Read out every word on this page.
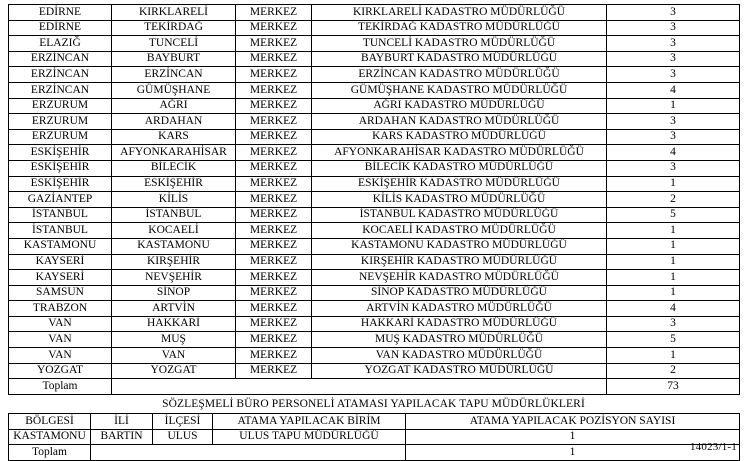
EDİRNE	KIRKLARELİ	MERKEZ	KIRKLARELİ KADASTRO MÜDÜRLÜĞÜ	3
EDİRNE	TEKİRDAĞ	MERKEZ	TEKİRDAĞ KADASTRO MÜDÜRLÜĞÜ	3
ELAZIĞ	TUNCELİ	MERKEZ	TUNCELİ KADASTRO MÜDÜRLÜĞÜ	3
ERZİNCAN	BAYBURT	MERKEZ	BAYBURT KADASTRO MÜDÜRLÜĞÜ	3
ERZİNCAN	ERZİNCAN	MERKEZ	ERZİNCAN KADASTRO MÜDÜRLÜĞÜ	3
ERZİNCAN	GÜMÜŞHANE	MERKEZ	GÜMÜŞHANE KADASTRO MÜDÜRLÜĞÜ	4
ERZURUM	AĞRI	MERKEZ	AĞRI KADASTRO MÜDÜRLÜĞÜ	1
ERZURUM	ARDAHAN	MERKEZ	ARDAHAN KADASTRO MÜDÜRLÜĞÜ	3
ERZURUM	KARS	MERKEZ	KARS KADASTRO MÜDÜRLÜĞÜ	3
ESKİŞEHİR	AFYONKARAHİSAR	MERKEZ	AFYONKARAHİSAR KADASTRO MÜDÜRLÜĞÜ	4
ESKİŞEHİR	BİLECİK	MERKEZ	BİLECİK KADASTRO MÜDÜRLÜĞÜ	3
ESKİŞEHİR	ESKİŞEHİR	MERKEZ	ESKİŞEHİR KADASTRO MÜDÜRLÜĞÜ	1
GAZİANTEP	KİLİS	MERKEZ	KİLİS KADASTRO MÜDÜRLÜĞÜ	2
İSTANBUL	İSTANBUL	MERKEZ	İSTANBUL KADASTRO MÜDÜRLÜĞÜ	5
İSTANBUL	KOCAELİ	MERKEZ	KOCAELİ KADASTRO MÜDÜRLÜĞÜ	1
KASTAMONU	KASTAMONU	MERKEZ	KASTAMONU KADASTRO MÜDÜRLÜĞÜ	1
KAYSERİ	KIRŞEHİR	MERKEZ	KIRŞEHİR KADASTRO MÜDÜRLÜĞÜ	1
KAYSERİ	NEVŞEHİR	MERKEZ	NEVŞEHİR KADASTRO MÜDÜRLÜĞÜ	1
SAMSUN	SİNOP	MERKEZ	SİNOP KADASTRO MÜDÜRLÜĞÜ	1
TRABZON	ARTVİN	MERKEZ	ARTVİN KADASTRO MÜDÜRLÜĞÜ	4
VAN	HAKKARİ	MERKEZ	HAKKARİ KADASTRO MÜDÜRLÜĞÜ	3
VAN	MUŞ	MERKEZ	MUŞ KADASTRO MÜDÜRLÜĞÜ	5
VAN	VAN	MERKEZ	VAN KADASTRO MÜDÜRLÜĞÜ	1
YOZGAT	YOZGAT	MERKEZ	YOZGAT KADASTRO MÜDÜRLÜĞÜ	2
Toplam				73
SÖZLEŞMELİ BÜRO PERSONELİ ATAMASI YAPILACAK TAPU MÜDÜRLÜKLERİ
BÖLGESİ	İLİ	İLÇESİ	ATAMA YAPILACAK BİRİM	ATAMA YAPILACAK POZİSYON SAYISI
KASTAMONU	BARTIN	ULUS	ULUS TAPU MÜDÜRLÜĞÜ	1
Toplam				1	14023/1-1
